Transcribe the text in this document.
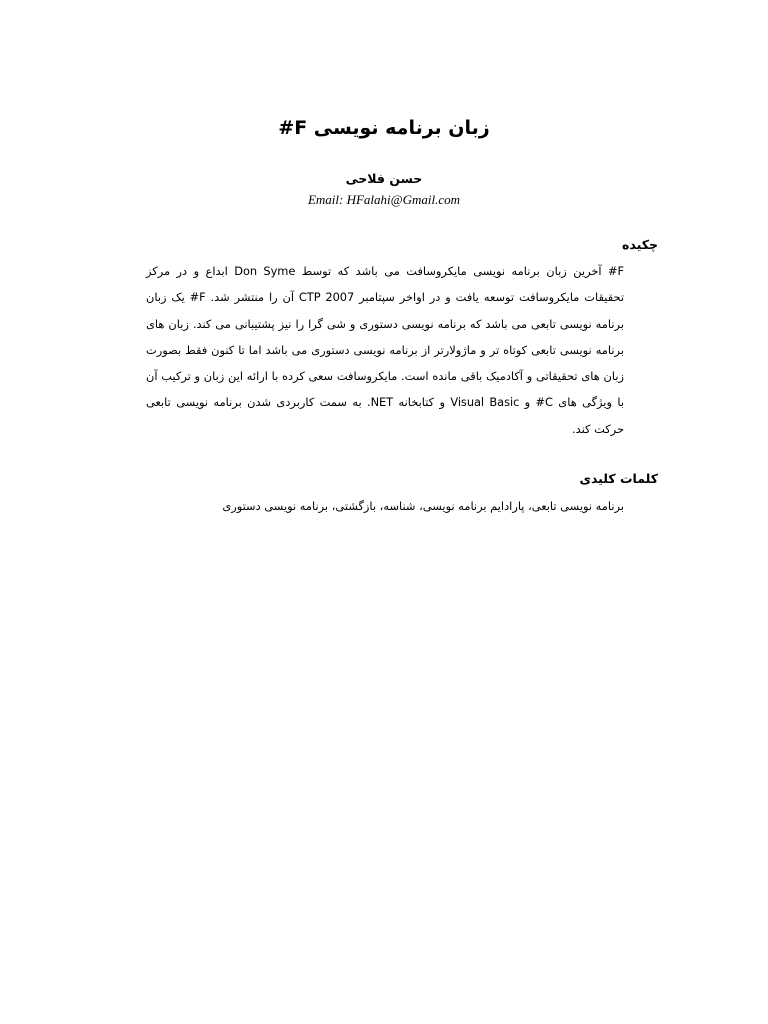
زبان برنامه نویسی F#
حسن فلاحی
Email: HFalahi@Gmail.com
چکیده
F# آخرین زبان برنامه نویسی مایکروسافت می باشد که توسط Don Syme ابداع و در مرکز
تحقیقات مایکروسافت توسعه یافت و در اواخر سپتامبر CTP 2007 آن را منتشر شد. F# یک زبان
برنامه نویسی تابعی می باشد که برنامه نویسی دستوری و شی گرا را نیز پشتیبانی می کند. زبان های
برنامه نویسی تابعی کوتاه تر و ماژولارتر از برنامه نویسی دستوری می باشد اما تا کنون فقط بصورت
زبان های تحقیقاتی و آکادمیک باقی مانده است. مایکروسافت سعی کرده با ارائه این زبان و ترکیب آن
با ویژگی های C# و Visual Basic و کتابخانه NET. به سمت کاربردی شدن برنامه نویسی تابعی
حرکت کند.
کلمات کلیدی
برنامه نویسی تابعی، پارادایم برنامه نویسی، شناسه، بازگشتی، برنامه نویسی دستوری
